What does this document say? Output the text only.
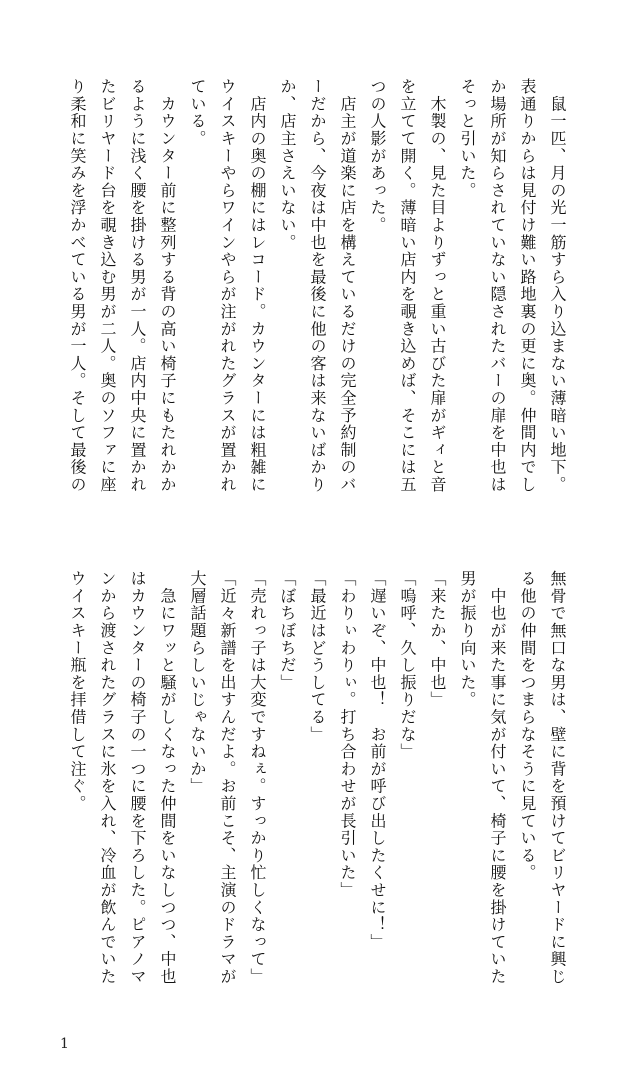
　鼠一匹、月の光一筋すら入り込まない薄暗い地下。
表通りからは見付け難い路地裏の更に奥。仲間内でし
か場所が知らされていない隠されたバーの扉を中也は
そっと引いた。
　木製の、見た目よりずっと重い古びた扉がギィと音
を立てて開く。薄暗い店内を覗き込めば、そこには五
つの人影があった。
　店主が道楽に店を構えているだけの完全予約制のバ
ーだから、今夜は中也を最後に他の客は来ないばかり
か、店主さえいない。
　店内の奥の棚にはレコード。カウンターには粗雑に
ウイスキーやらワインやらが注がれたグラスが置かれ
ている。
　カウンター前に整列する背の高い椅子にもたれかか
るように浅く腰を掛ける男が一人。店内中央に置かれ
たビリヤード台を覗き込む男が二人。奥のソファに座
り柔和に笑みを浮かべている男が一人。そして最後の
無骨で無口な男は、壁に背を預けてビリヤードに興じ
る他の仲間をつまらなそうに見ている。
　中也が来た事に気が付いて、椅子に腰を掛けていた
男が振り向いた。
「来たか、中也」
「嗚呼、久し振りだな」
「遅いぞ、中也！　お前が呼び出したくせに！」
「わりぃわりぃ。打ち合わせが長引いた」
「最近はどうしてる」
「ぼちぼちだ」
「売れっ子は大変ですねぇ。すっかり忙しくなって」
「近々新譜を出すんだよ。お前こそ、主演のドラマが
大層話題らしいじゃないか」
　急にワッと騒がしくなった仲間をいなしつつ、中也
はカウンターの椅子の一つに腰を下ろした。ピアノマ
ンから渡されたグラスに氷を入れ、冷血が飲んでいた
ウイスキー瓶を拝借して注ぐ。
1
